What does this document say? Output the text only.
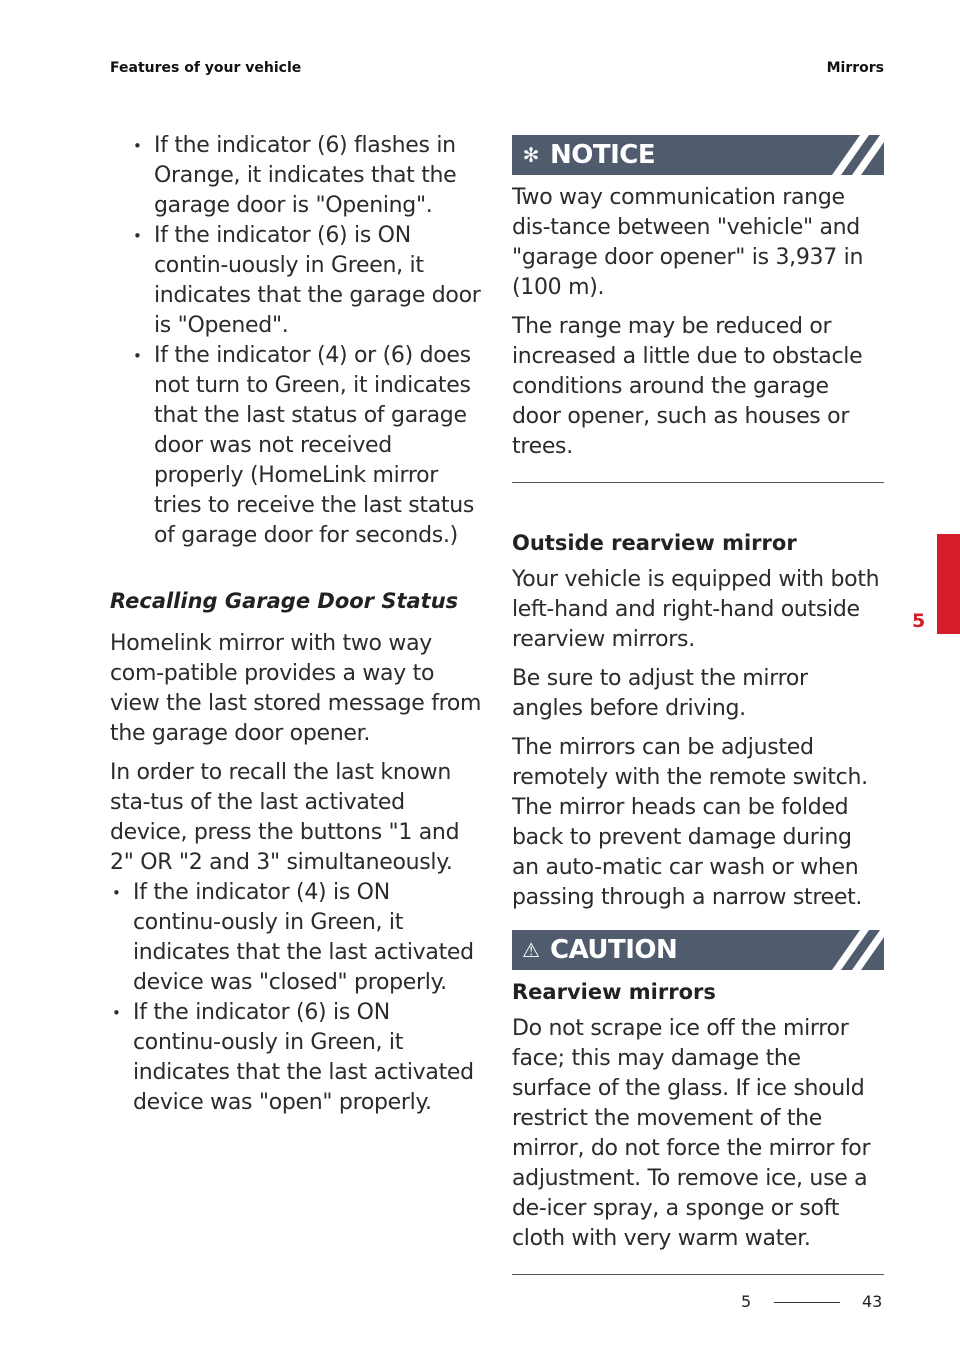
Features of your vehicle	Mirrors
• If the indicator (6) flashes in Orange, it indicates that the garage door is "Opening".
• If the indicator (6) is ON contin-uously in Green, it indicates that the garage door is "Opened".
• If the indicator (4) or (6) does not turn to Green, it indicates that the last status of garage door was not received properly (HomeLink mirror tries to receive the last status of garage door for seconds.)
Recalling Garage Door Status

Homelink mirror with two way com-patible provides a way to view the last stored message from the garage door opener.

In order to recall the last known sta-tus of the last activated device, press the buttons "1 and 2" OR "2 and 3" simultaneously.

• If the indicator (4) is ON continu-ously in Green, it indicates that the last activated device was "closed" properly.
• If the indicator (6) is ON continu-ously in Green, it indicates that the last activated device was "open" properly.
✻ NOTICE

Two way communication range dis-tance between "vehicle" and "garage door opener" is 3,937 in (100 m).

The range may be reduced or increased a little due to obstacle conditions around the garage door opener, such as houses or trees.

Outside rearview mirror

Your vehicle is equipped with both left-hand and right-hand outside rearview mirrors.

Be sure to adjust the mirror angles before driving.

The mirrors can be adjusted remotely with the remote switch. The mirror heads can be folded back to prevent damage during an auto-matic car wash or when passing through a narrow street.

⚠ CAUTION
Rearview mirrors

Do not scrape ice off the mirror face; this may damage the surface of the glass. If ice should restrict the movement of the mirror, do not force the mirror for adjustment. To remove ice, use a de-icer spray, a sponge or soft cloth with very warm water.

5
5	43
